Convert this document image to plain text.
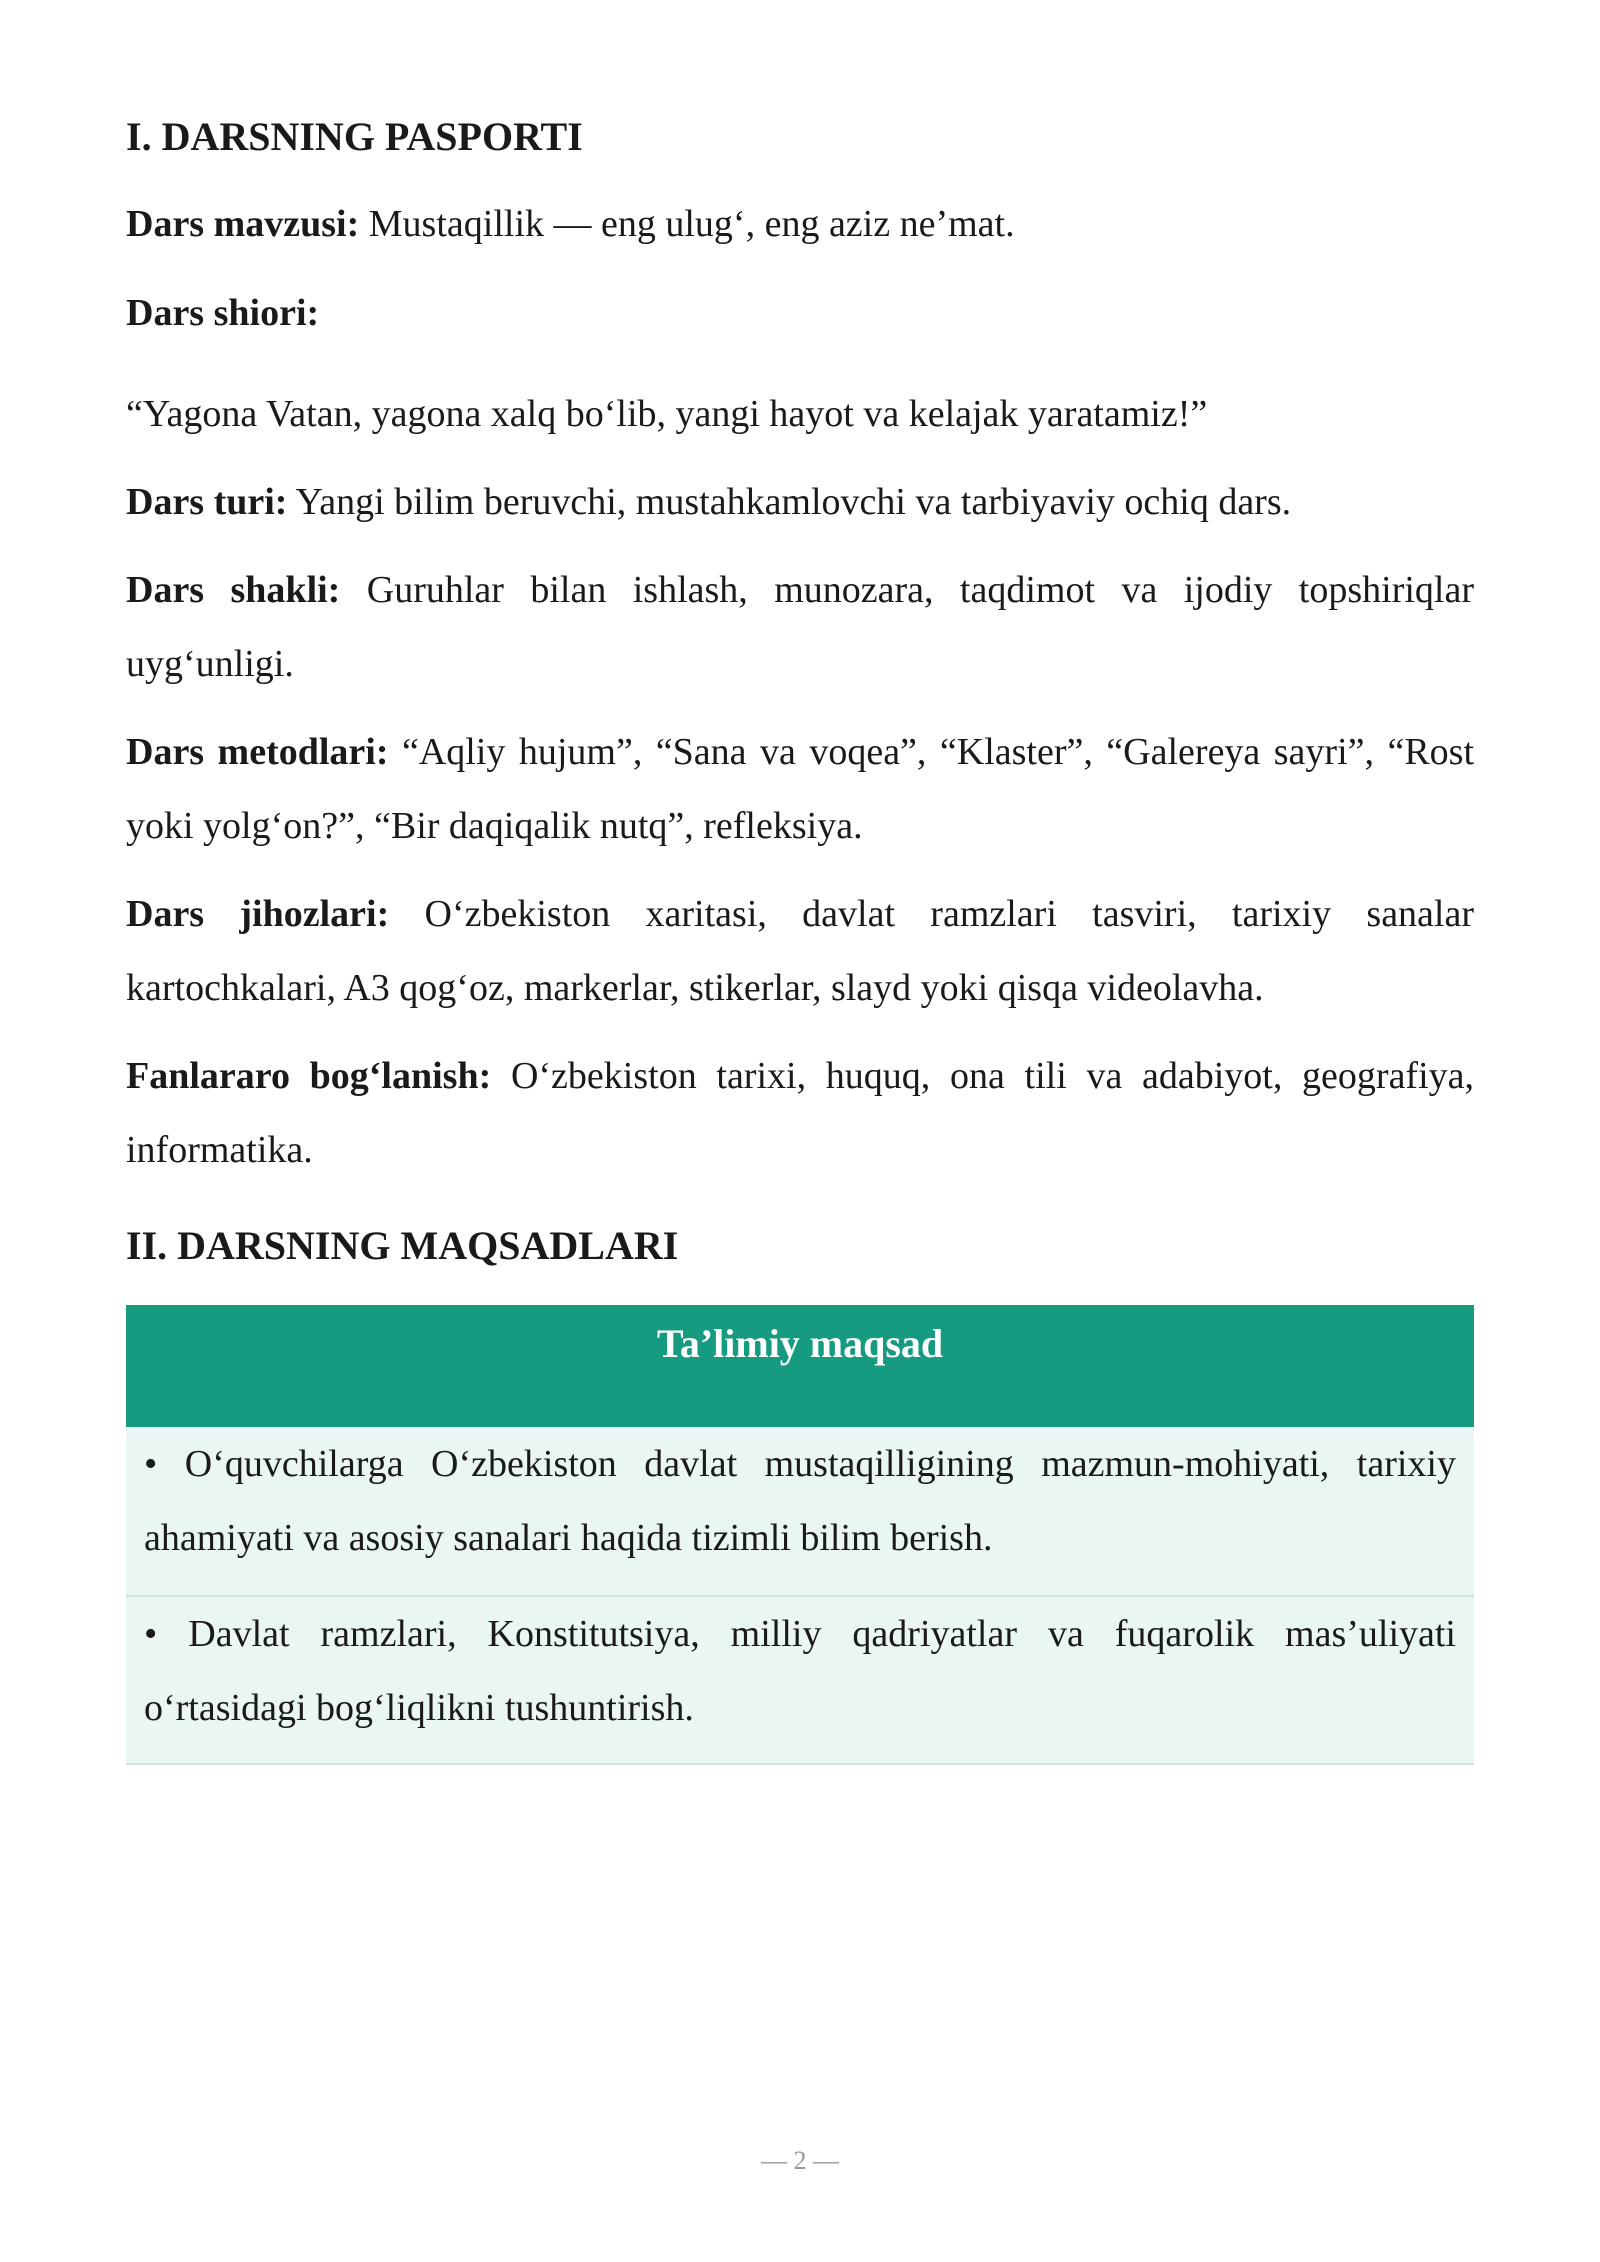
I. DARSNING PASPORTI

Dars mavzusi: Mustaqillik — eng ulug‘, eng aziz ne’mat.

Dars shiori:

“Yagona Vatan, yagona xalq bo‘lib, yangi hayot va kelajak yaratamiz!”

Dars turi: Yangi bilim beruvchi, mustahkamlovchi va tarbiyaviy ochiq dars.

Dars shakli: Guruhlar bilan ishlash, munozara, taqdimot va ijodiy topshiriqlar uyg‘unligi.

Dars metodlari: “Aqliy hujum”, “Sana va voqea”, “Klaster”, “Galereya sayri”, “Rost yoki yolg‘on?”, “Bir daqiqalik nutq”, refleksiya.

Dars jihozlari: O‘zbekiston xaritasi, davlat ramzlari tasviri, tarixiy sanalar kartochkalari, A3 qog‘oz, markerlar, stikerlar, slayd yoki qisqa videolavha.

Fanlararo bog‘lanish: O‘zbekiston tarixi, huquq, ona tili va adabiyot, geografiya, informatika.

II. DARSNING MAQSADLARI
Ta’limiy maqsad
• O‘quvchilarga O‘zbekiston davlat mustaqilligining mazmun-mohiyati, tarixiy ahamiyati va asosiy sanalari haqida tizimli bilim berish.
• Davlat ramzlari, Konstitutsiya, milliy qadriyatlar va fuqarolik mas’uliyati o‘rtasidagi bog‘liqlikni tushuntirish.
— 2 —
